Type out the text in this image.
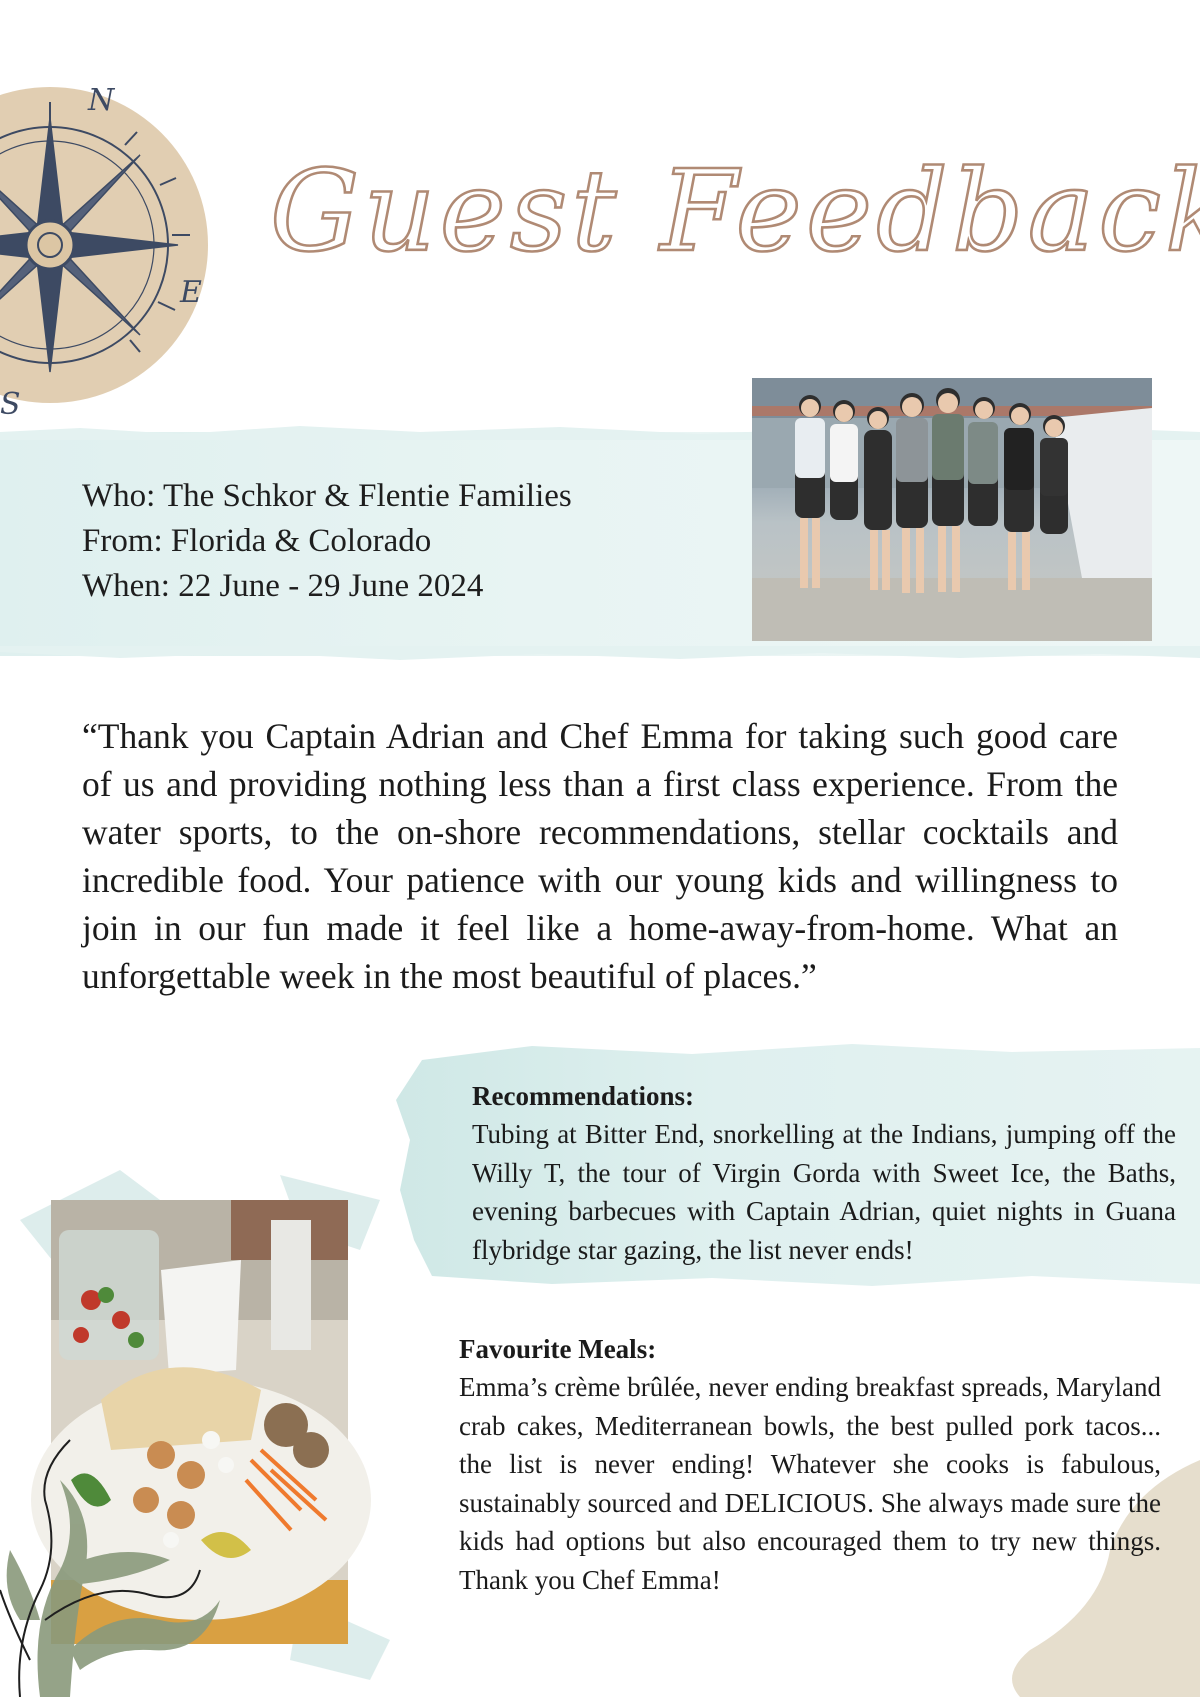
N
E
S
Who: The Schkor & Flentie Families
From: Florida & Colorado
When: 22 June - 29 June 2024
“Thank you Captain Adrian and Chef Emma for taking such good care of us and providing nothing less than a first class experience. From the water sports, to the on-shore recommendations, stellar cocktails and incredible food. Your patience with our young kids and willingness to join in our fun made it feel like a home-away-from-home. What an unforgettable week in the most beautiful of places.”
Recommendations:
Tubing at Bitter End, snorkelling at the Indians, jumping off the Willy T, the tour of Virgin Gorda with Sweet Ice, the Baths, evening barbecues with Captain Adrian, quiet nights in Guana flybridge star gazing, the list never ends!
Favourite Meals:
Emma’s crème brûlée, never ending breakfast spreads, Maryland crab cakes, Mediterranean bowls, the best pulled pork tacos... the list is never ending! Whatever she cooks is fabulous, sustainably sourced and DELICIOUS. She always made sure the kids had options but also encouraged them to try new things. Thank you Chef Emma!
